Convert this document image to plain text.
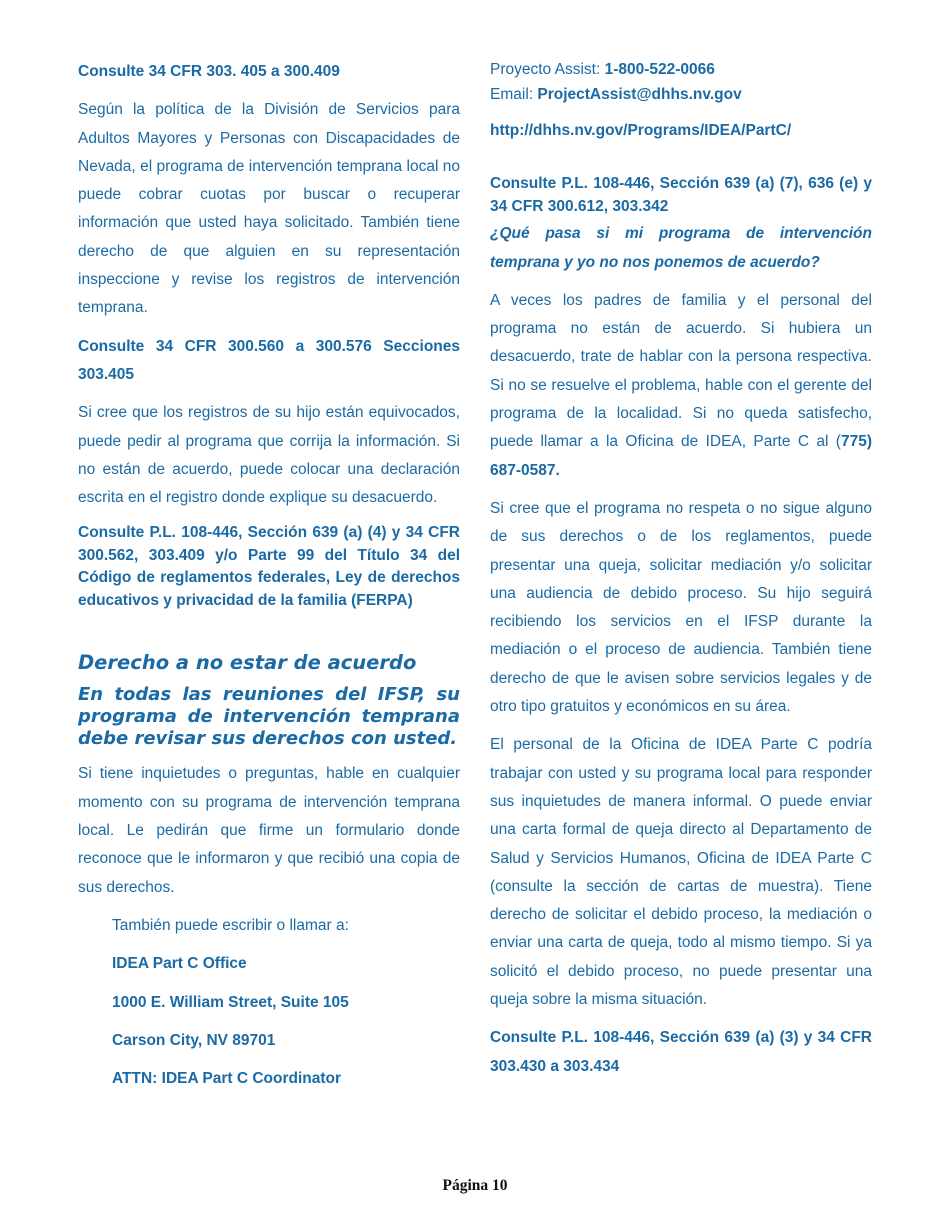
Consulte 34 CFR 303. 405 a 300.409

Según la política de la División de Servicios para Adultos Mayores y Personas con Discapacidades de Nevada, el programa de intervención temprana local no puede cobrar cuotas por buscar o recuperar información que usted haya solicitado. También tiene derecho de que alguien en su representación inspeccione y revise los registros de intervención temprana.

Consulte 34 CFR 300.560 a 300.576 Secciones 303.405

Si cree que los registros de su hijo están equivocados, puede pedir al programa que corrija la información. Si no están de acuerdo, puede colocar una declaración escrita en el registro donde explique su desacuerdo.

Consulte P.L. 108-446, Sección 639 (a) (4) y 34 CFR 300.562, 303.409 y/o Parte 99 del Título 34 del Código de reglamentos federales, Ley de derechos educativos y privacidad de la familia (FERPA)

Derecho a no estar de acuerdo
En todas las reuniones del IFSP, su programa de intervención temprana debe revisar sus derechos con usted.

Si tiene inquietudes o preguntas, hable en cualquier momento con su programa de intervención temprana local. Le pedirán que firme un formulario donde reconoce que le informaron y que recibió una copia de sus derechos.

También puede escribir o llamar a:

IDEA Part C Office

1000 E. William Street, Suite 105

Carson City, NV 89701

ATTN: IDEA Part C Coordinator

Proyecto Assist: 1-800-522-0066

Email: ProjectAssist@dhhs.nv.gov

http://dhhs.nv.gov/Programs/IDEA/PartC/

Consulte P.L. 108-446, Sección 639 (a) (7), 636 (e) y 34 CFR 300.612, 303.342

¿Qué pasa si mi programa de intervención temprana y yo no nos ponemos de acuerdo?

A veces los padres de familia y el personal del programa no están de acuerdo. Si hubiera un desacuerdo, trate de hablar con la persona respectiva. Si no se resuelve el problema, hable con el gerente del programa de la localidad. Si no queda satisfecho, puede llamar a la Oficina de IDEA, Parte C al (775) 687-0587.

Si cree que el programa no respeta o no sigue alguno de sus derechos o de los reglamentos, puede presentar una queja, solicitar mediación y/o solicitar una audiencia de debido proceso. Su hijo seguirá recibiendo los servicios en el IFSP durante la mediación o el proceso de audiencia. También tiene derecho de que le avisen sobre servicios legales y de otro tipo gratuitos y económicos en su área.

El personal de la Oficina de IDEA Parte C podría trabajar con usted y su programa local para responder sus inquietudes de manera informal. O puede enviar una carta formal de queja directo al Departamento de Salud y Servicios Humanos, Oficina de IDEA Parte C (consulte la sección de cartas de muestra). Tiene derecho de solicitar el debido proceso, la mediación o enviar una carta de queja, todo al mismo tiempo. Si ya solicitó el debido proceso, no puede presentar una queja sobre la misma situación.

Consulte P.L. 108-446, Sección 639 (a) (3) y 34 CFR 303.430 a 303.434

Página 10
